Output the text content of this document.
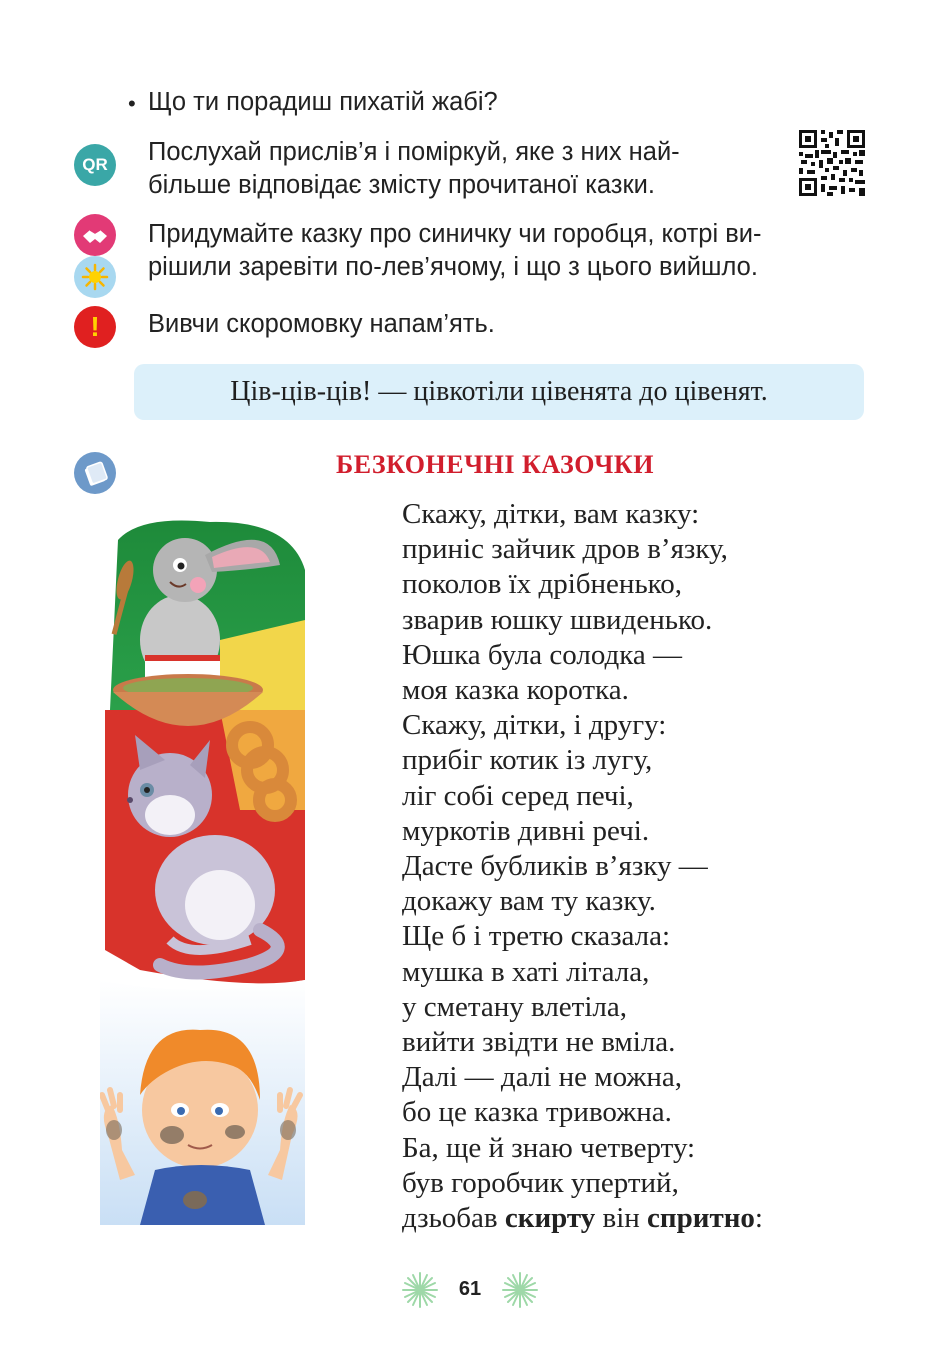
• Що ти порадиш пихатій жабі?
QR Послухай прислів’я і поміркуй, яке з них най-
більше відповідає змісту прочитаної казки.
Придумайте казку про синичку чи горобця, котрі ви-
рішили заревіти по-лев’ячому, і що з цього вийшло.
!	Вивчи скоромовку напам’ять.
Ців-ців-ців! — цівкотіли цівенята до цівенят.
БЕЗКОНЕЧНІ КАЗОЧКИ
Скажу, дітки, вам казку:
приніс зайчик дров в’язку,
поколов їх дрібненько,
зварив юшку швиденько.
Юшка була солодка —
моя казка коротка.
Скажу, дітки, і другу:
прибіг котик із лугу,
ліг собі серед печі,
муркотів дивні речі.
Дасте бубликів в’язку —
докажу вам ту казку.
Ще б і третю сказала:
мушка в хаті літала,
у сметану влетіла,
вийти звідти не вміла.
Далі — далі не можна,
бо це казка тривожна.
Ба, ще й знаю четверту:
був горобчик упертий,
дзьобав скирту він спритно:
61
